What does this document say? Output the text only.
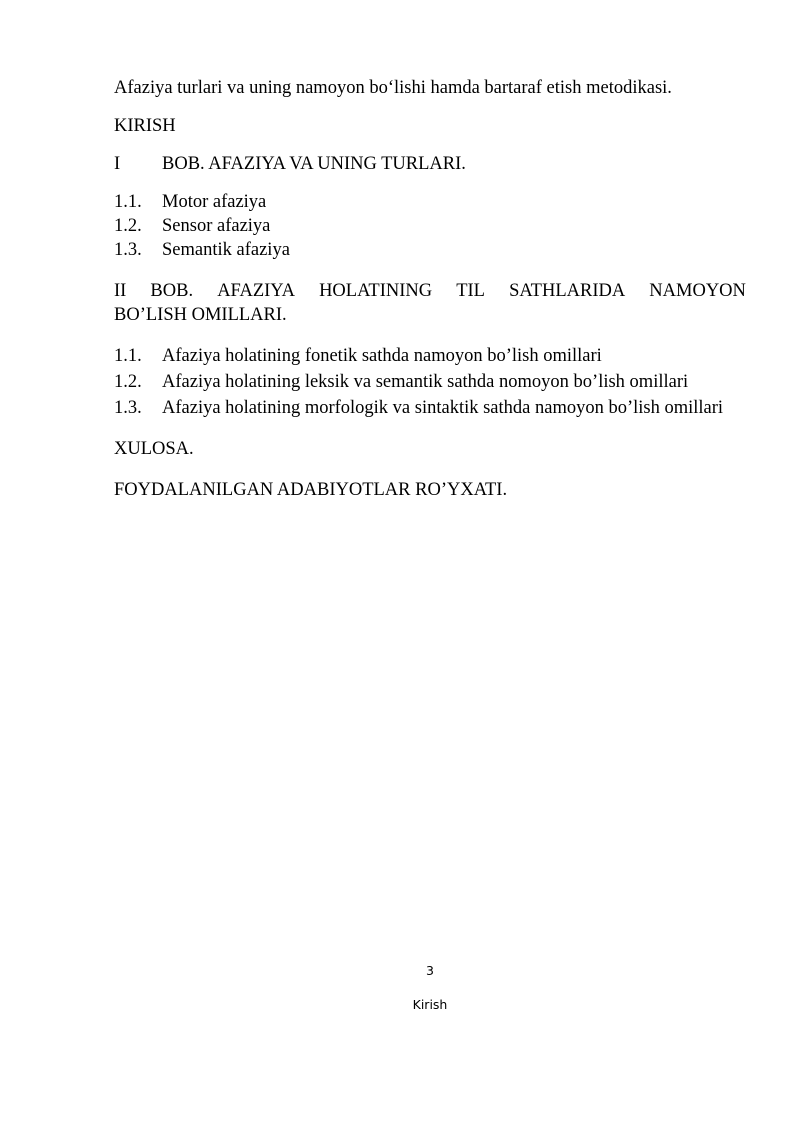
Afaziya turlari va uning namoyon bo‘lishi hamda bartaraf etish metodikasi.
KIRISH
I BOB. AFAZIYA VA UNING TURLARI.
1.1. Motor afaziya
1.2. Sensor afaziya
1.3. Semantik afaziya
II BOB. AFAZIYA HOLATINING TIL SATHLARIDA NAMOYON
BO’LISH OMILLARI.
1.1. Afaziya holatining fonetik sathda namoyon bo’lish omillari
1.2. Afaziya holatining leksik va semantik sathda nomoyon bo’lish omillari
1.3. Afaziya holatining morfologik va sintaktik sathda namoyon bo’lish omillari
XULOSA.
FOYDALANILGAN ADABIYOTLAR RO’YXATI.
3
Kirish
